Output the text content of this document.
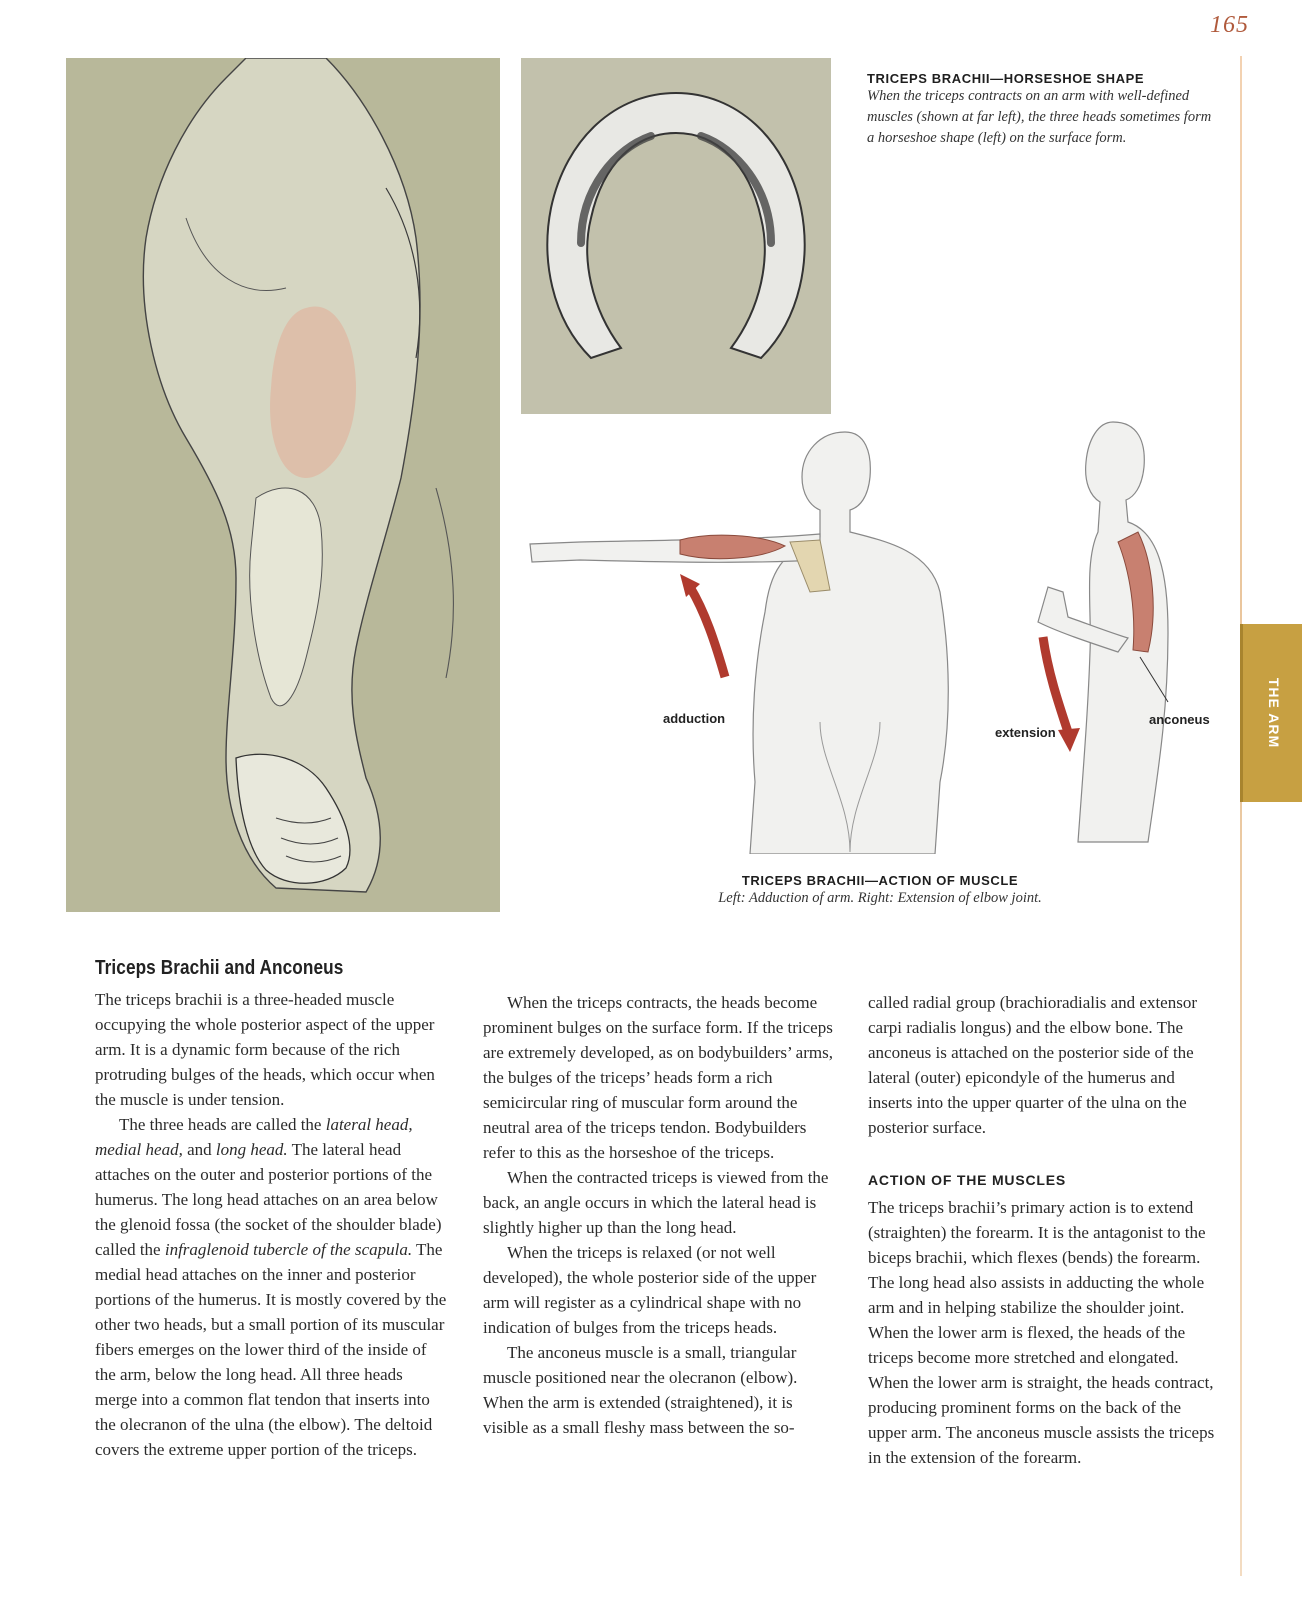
165
THE ARM
TRICEPS BRACHII—HORSESHOE SHAPE
When the triceps contracts on an arm with well-defined muscles (shown at far left), the three heads sometimes form a horseshoe shape (left) on the surface form.
adduction
extension
anconeus
TRICEPS BRACHII—ACTION OF MUSCLE
Left: Adduction of arm. Right: Extension of elbow joint.
Triceps Brachii and Anconeus

The triceps brachii is a three-headed muscle occupying the whole posterior aspect of the upper arm. It is a dynamic form because of the rich protruding bulges of the heads, which occur when the muscle is under tension.

The three heads are called the lateral head, medial head, and long head. The lateral head attaches on the outer and posterior portions of the humerus. The long head attaches on an area below the glenoid fossa (the socket of the shoulder blade) called the infraglenoid tubercle of the scapula. The medial head attaches on the inner and posterior portions of the humerus. It is mostly covered by the other two heads, but a small portion of its muscular fibers emerges on the lower third of the inside of the arm, below the long head. All three heads merge into a common flat tendon that inserts into the olecranon of the ulna (the elbow). The deltoid covers the extreme upper portion of the triceps.

When the triceps contracts, the heads become prominent bulges on the surface form. If the triceps are extremely developed, as on bodybuilders’ arms, the bulges of the triceps’ heads form a rich semicircular ring of muscular form around the neutral area of the triceps tendon. Bodybuilders refer to this as the horseshoe of the triceps.

When the contracted triceps is viewed from the back, an angle occurs in which the lateral head is slightly higher up than the long head.

When the triceps is relaxed (or not well developed), the whole posterior side of the upper arm will register as a cylindrical shape with no indication of bulges from the triceps heads.

The anconeus muscle is a small, triangular muscle positioned near the olecranon (elbow). When the arm is extended (straightened), it is visible as a small fleshy mass between the so-

called radial group (brachioradialis and extensor carpi radialis longus) and the elbow bone. The anconeus is attached on the posterior side of the lateral (outer) epicondyle of the humerus and inserts into the upper quarter of the ulna on the posterior surface.

ACTION OF THE MUSCLES

The triceps brachii’s primary action is to extend (straighten) the forearm. It is the antagonist to the biceps brachii, which flexes (bends) the forearm. The long head also assists in adducting the whole arm and in helping stabilize the shoulder joint. When the lower arm is flexed, the heads of the triceps become more stretched and elongated. When the lower arm is straight, the heads contract, producing prominent forms on the back of the upper arm. The anconeus muscle assists the triceps in the extension of the forearm.
